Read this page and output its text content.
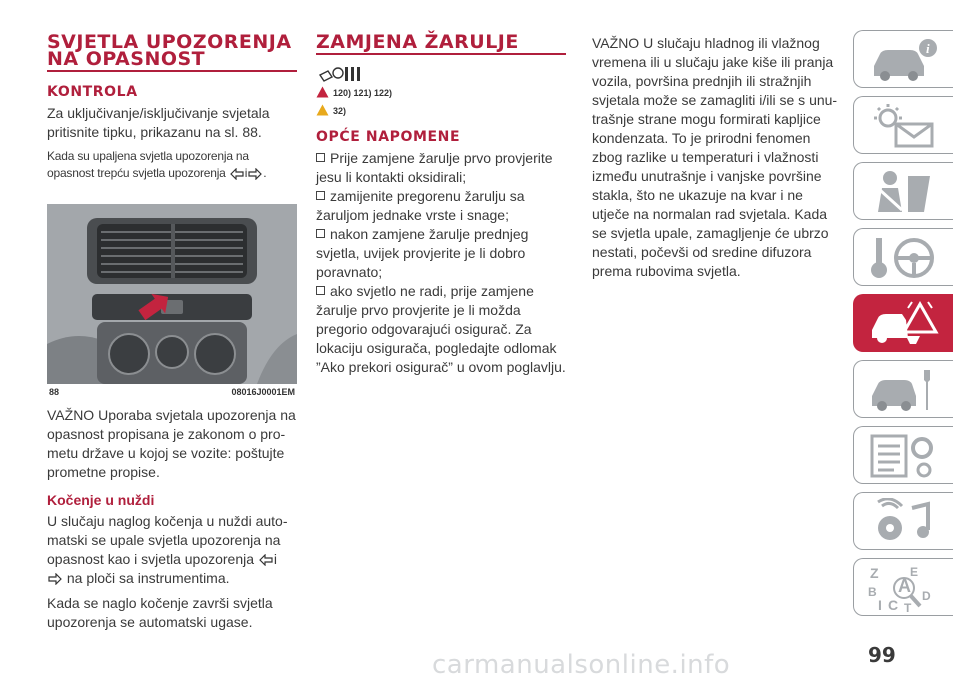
SVJETLA UPOZORENJA
NA OPASNOST
KONTROLA

Za uključivanje/isključivanje svjetala pritisnite tipku, prikazanu na sl. 88.

Kada su upaljena svjetla upozorenja na opasnost trepću svjetla upozorenja i .

88	08016J0001EM

VAŽNO Uporaba svjetala upozorenja na opasnost propisana je zakonom o pro-metu države u kojoj se vozite: poštujte prometne propise.

Kočenje u nuždi

U slučaju naglog kočenja u nuždi auto-matski se upale svjetla upozorenja na opasnost kao i svjetla upozorenja i
na ploči sa instrumentima.

Kada se naglo kočenje završi svjetla upozorenja se automatski ugase.

ZAMJENA ŽARULJE
120) 121) 122)
32)
OPĆE NAPOMENE

Prije zamjene žarulje prvo provjerite jesu li kontakti oksidirali;

zamijenite pregorenu žarulju sa žaruljom jednake vrste i snage;

nakon zamjene žarulje prednjeg svjetla, uvijek provjerite je li dobro poravnato;

ako svjetlo ne radi, prije zamjene žarulje prvo provjerite je li možda pregorio odgovarajući osigurač. Za lokaciju osigurača, pogledajte odlomak ”Ako prekori osigurač” u ovom poglavlju.

VAŽNO U slučaju hladnog ili vlažnog vremena ili u slučaju jake kiše ili pranja vozila, površina prednjih ili stražnjih svjetala može se zamagliti i/ili se s unu-trašnje strane mogu formirati kapljice kondenzata. To je prirodni fenomen zbog razlike u temperaturi i vlažnosti između unutrašnje i vanjske površine stakla, što ne ukazuje na kvar i ne utječe na normalan rad svjetala. Kada se svjetla upale, zamagljenje će ubrzo nestati, počevši od sredine difuzora prema rubovima svjetla.

i
Z	E
A
B	D
I C T
99
carmanualsonline.info
